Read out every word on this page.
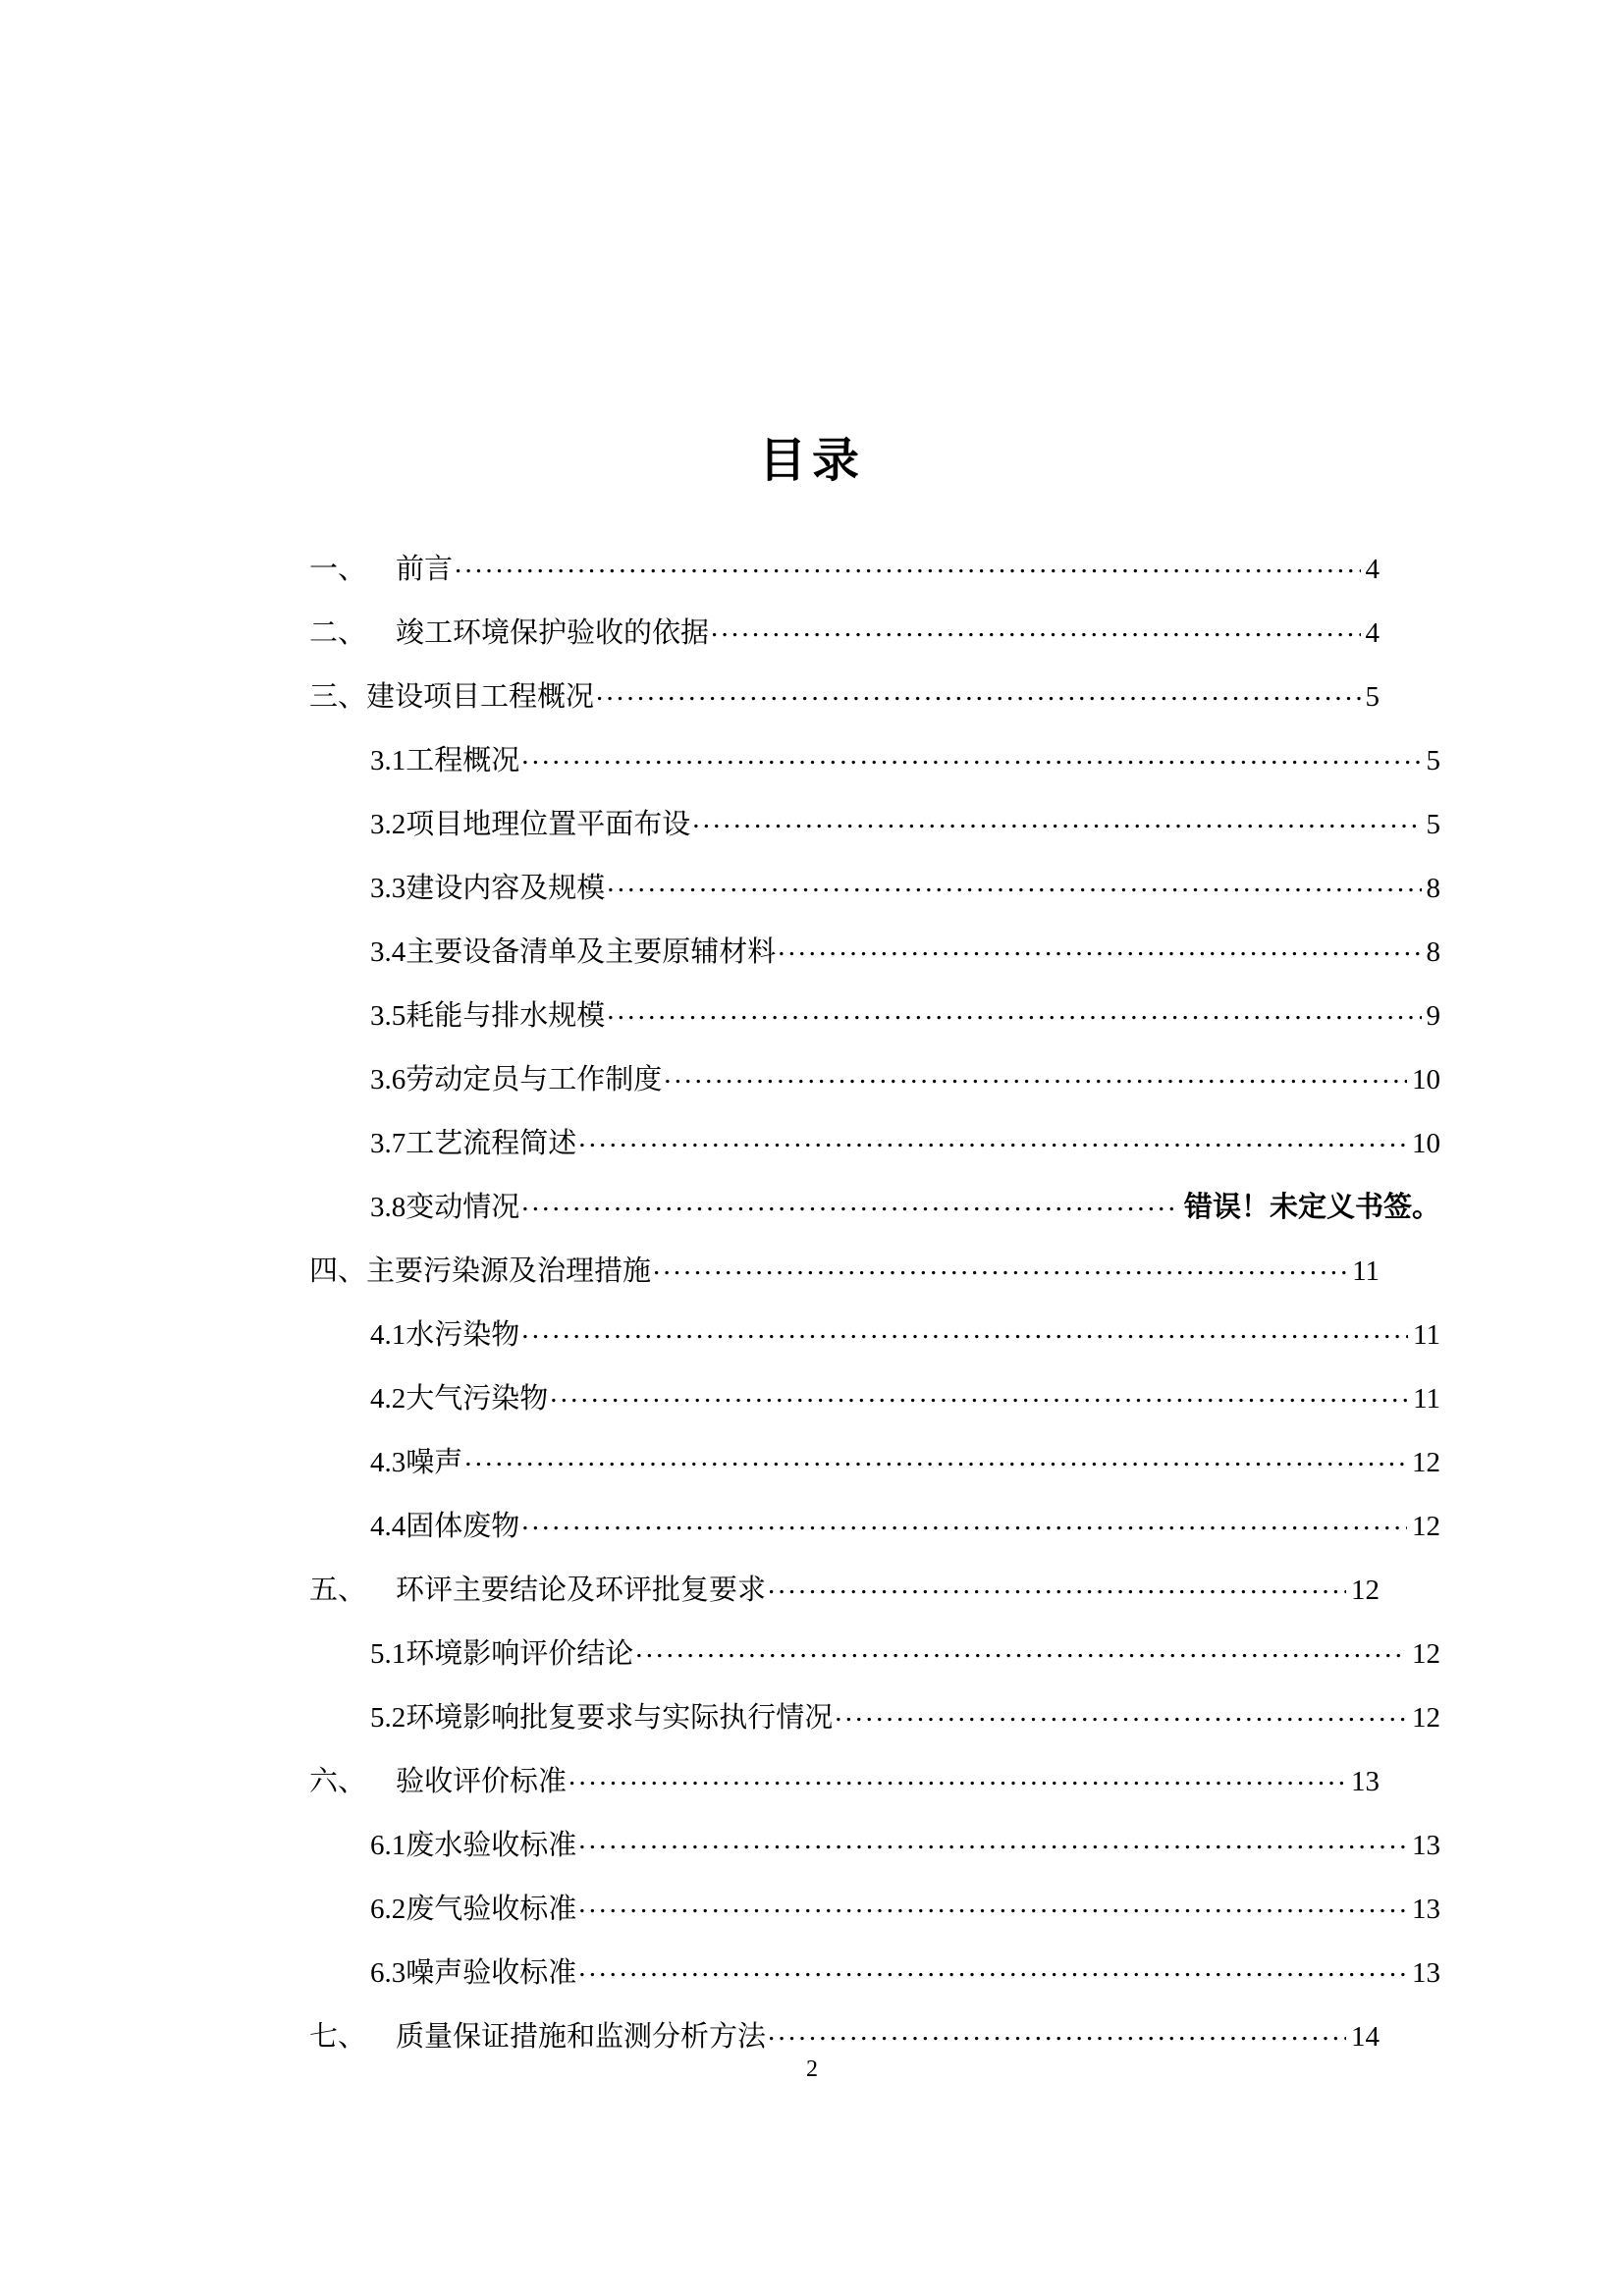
目录
一、 前言 .....	4
二、 竣工环境保护验收的依据 .....	4
三、 建设项目工程概况 .....	5
3.1 工程概况 .....	5
3.2 项目地理位置平面布设 .....	5
3.3 建设内容及规模 .....	8
3.4 主要设备清单及主要原辅材料 .....	8
3.5 耗能与排水规模 .....	9
3.6 劳动定员与工作制度 .....	10
3.7 工艺流程简述 .....	10
3.8 变动情况 .....	错误！未定义书签。
四、 主要污染源及治理措施 .....	11
4.1 水污染物 .....	11
4.2 大气污染物 .....	11
4.3 噪声 .....	12
4.4 固体废物 .....	12
五、 环评主要结论及环评批复要求 .....	12
5.1 环境影响评价结论 .....	12
5.2 环境影响批复要求与实际执行情况 .....	12
六、 验收评价标准 .....	13
6.1 废水验收标准 .....	13
6.2 废气验收标准 .....	13
6.3 噪声验收标准 .....	13
七、 质量保证措施和监测分析方法 .....	14
2
